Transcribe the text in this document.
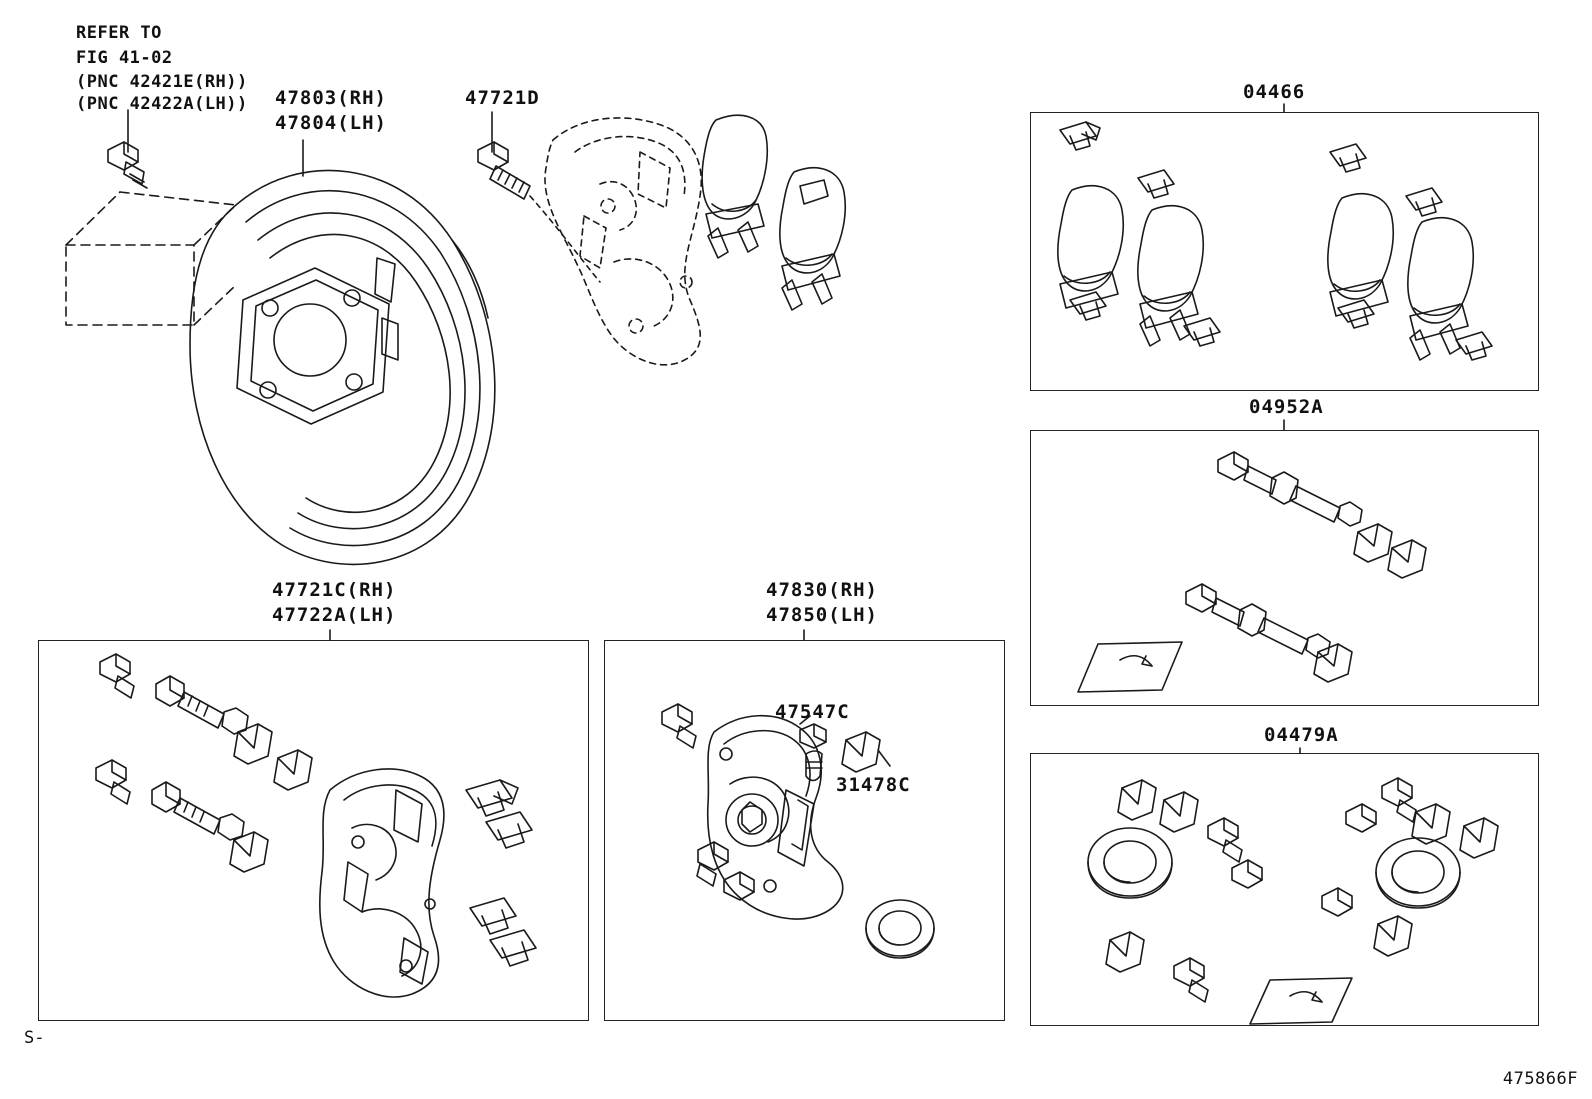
REFER TO
FIG 41-02
(PNC 42421E(RH))
(PNC 42422A(LH)) 47803(RH)
47804(LH)
47721D	04466
04952A
04479A
47721C(RH)
47722A(LH)
47830(RH)
47850(LH)
47547C
31478C
S-
475866F
